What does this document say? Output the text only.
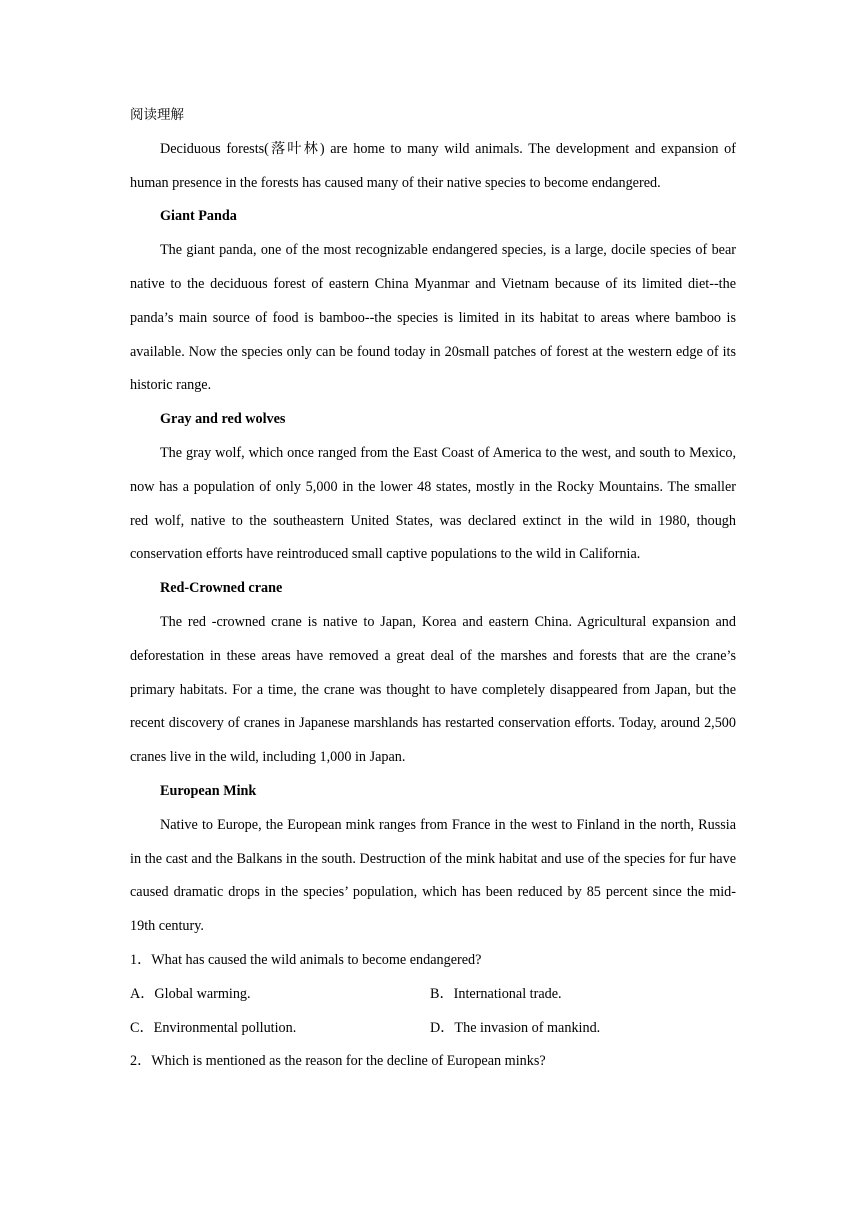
阅读理解

Deciduous forests(落叶林) are home to many wild animals. The development and expansion of human presence in the forests has caused many of their native species to become endangered.

Giant Panda

The giant panda, one of the most recognizable endangered species, is a large, docile species of bear native to the deciduous forest of eastern China Myanmar and Vietnam because of its limited diet--the panda’s main source of food is bamboo--the species is limited in its habitat to areas where bamboo is available. Now the species only can be found today in 20small patches of forest at the western edge of its historic range.

Gray and red wolves

The gray wolf, which once ranged from the East Coast of America to the west, and south to Mexico, now has a population of only 5,000 in the lower 48 states, mostly in the Rocky Mountains. The smaller red wolf, native to the southeastern United States, was declared extinct in the wild in 1980, though conservation efforts have reintroduced small captive populations to the wild in California.

Red-Crowned crane

The red -crowned crane is native to Japan, Korea and eastern China. Agricultural expansion and deforestation in these areas have removed a great deal of the marshes and forests that are the crane’s primary habitats. For a time, the crane was thought to have completely disappeared from Japan, but the recent discovery of cranes in Japanese marshlands has restarted conservation efforts. Today, around 2,500 cranes live in the wild, including 1,000 in Japan.

European Mink

Native to Europe, the European mink ranges from France in the west to Finland in the north, Russia in the cast and the Balkans in the south. Destruction of the mink habitat and use of the species for fur have caused dramatic drops in the species’ population, which has been reduced by 85 percent since the mid-19th century.

1．What has caused the wild animals to become endangered?

A．Global warming.	B．International trade.
C．Environmental pollution.	D．The invasion of mankind.

2．Which is mentioned as the reason for the decline of European minks?
